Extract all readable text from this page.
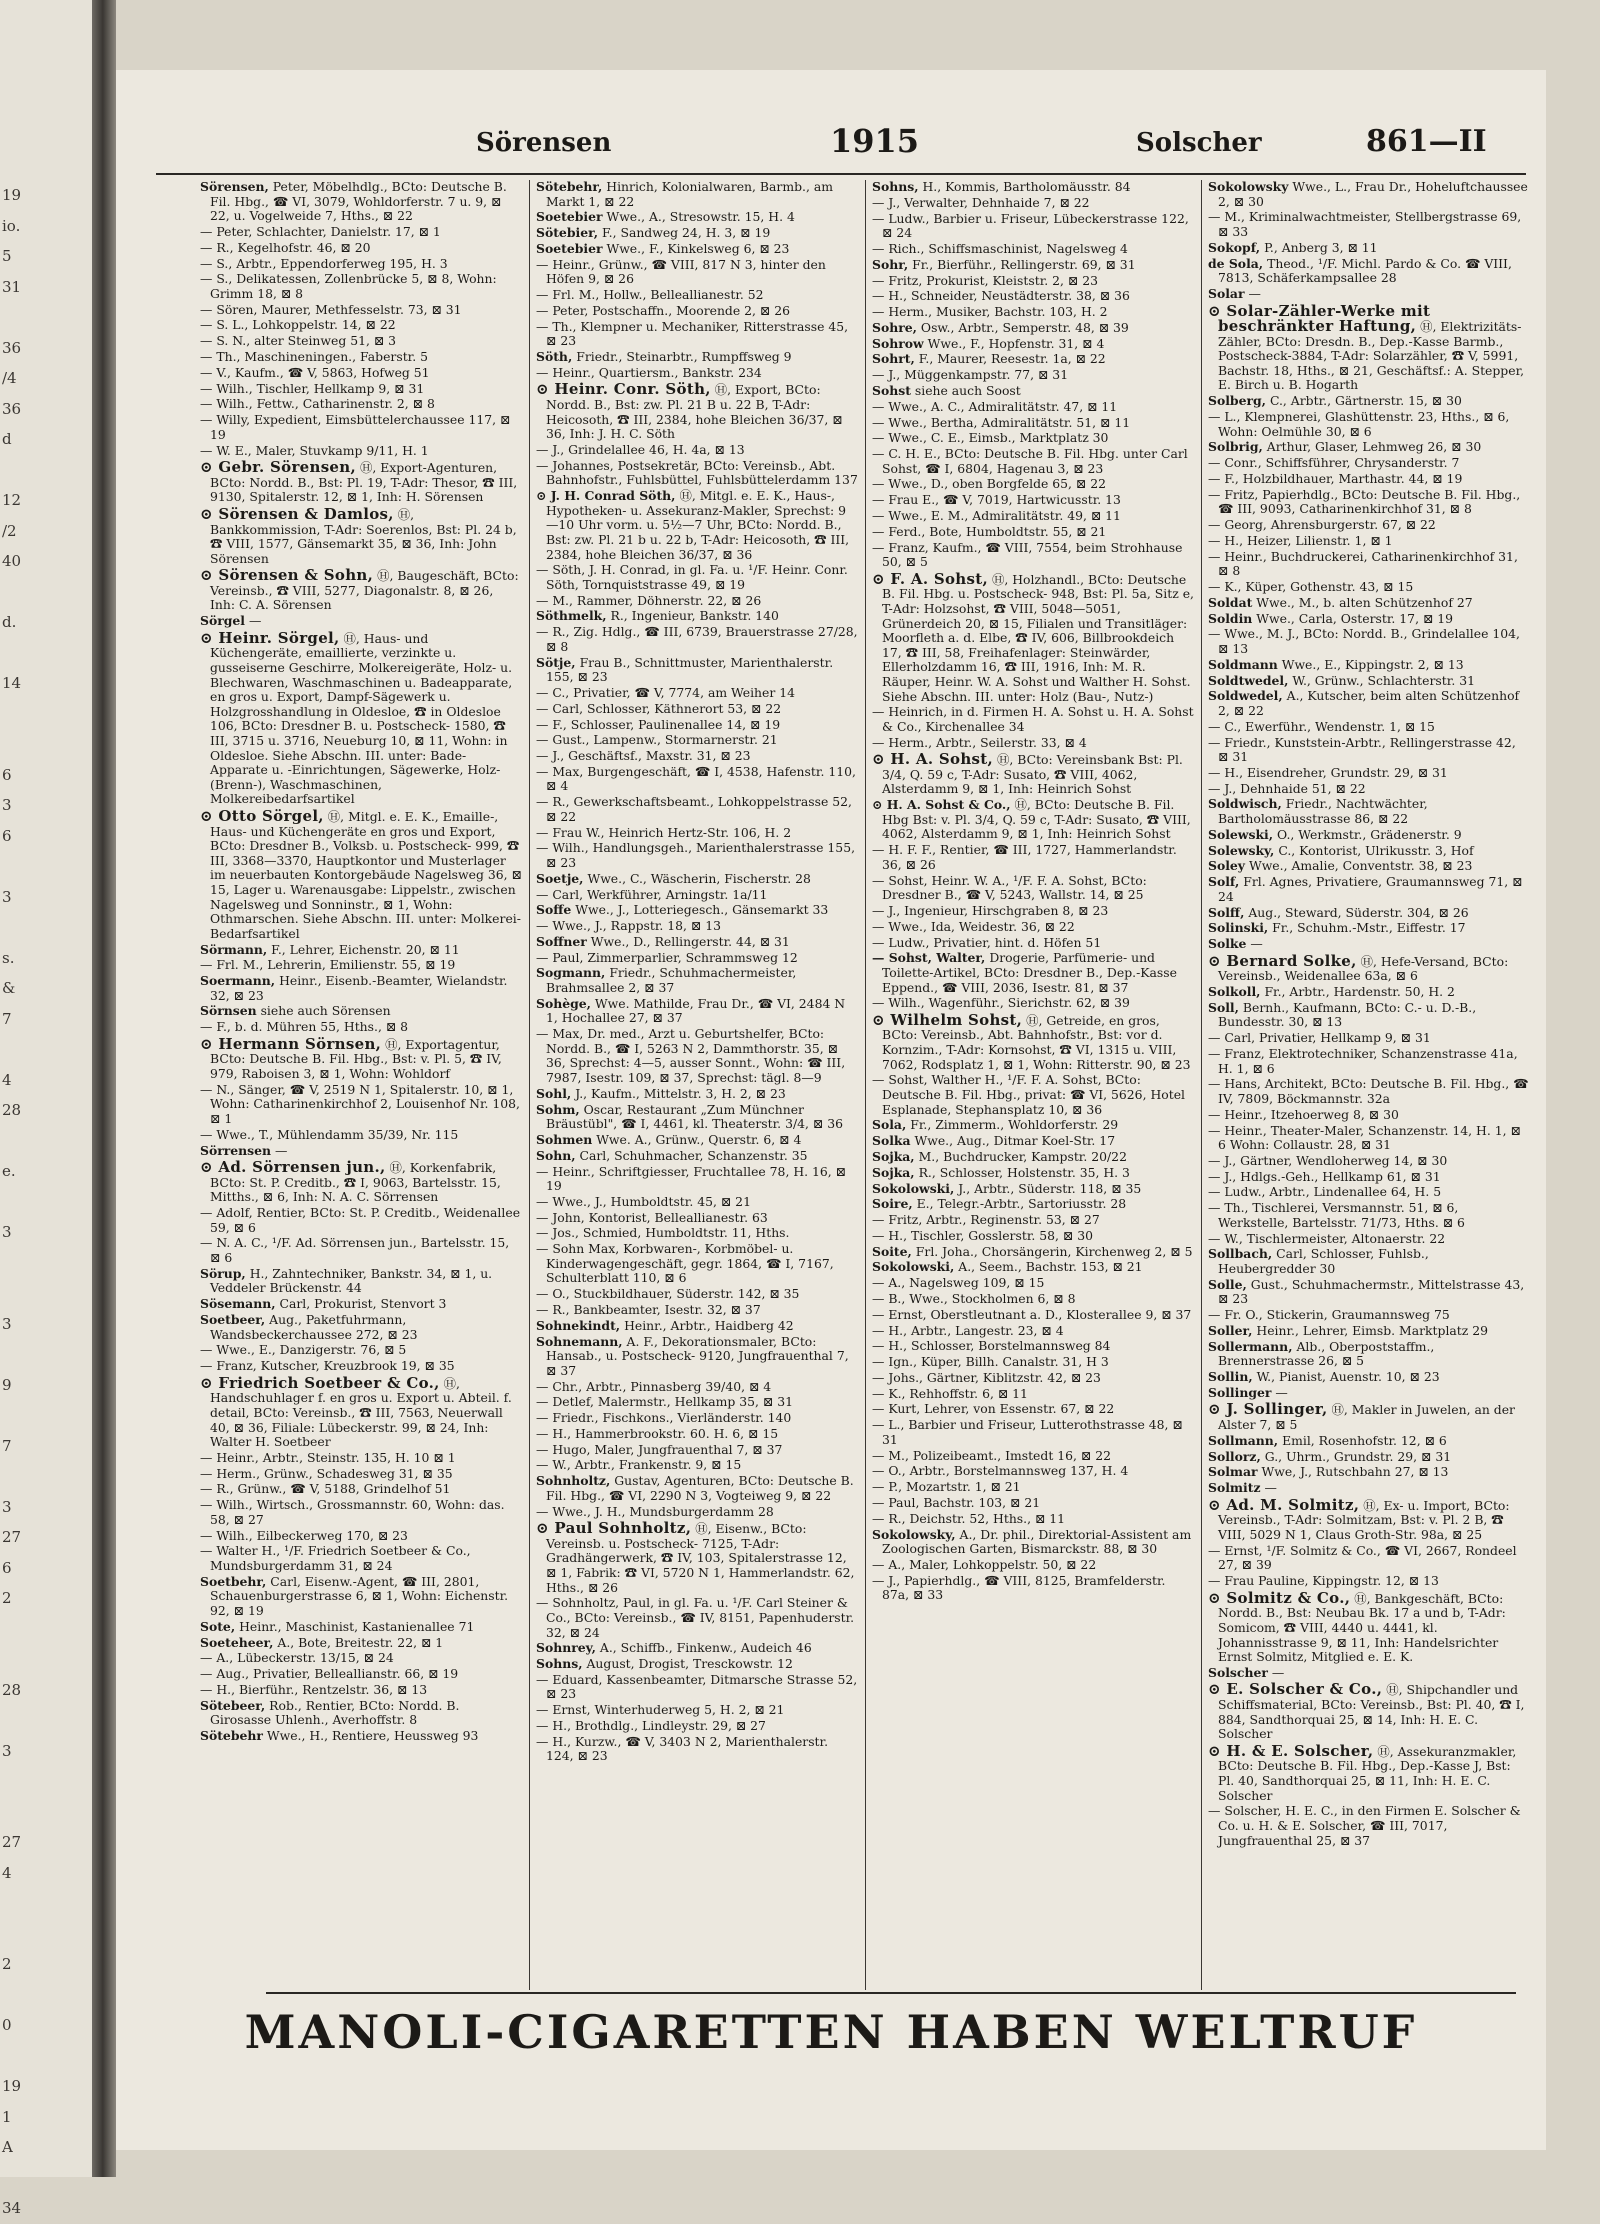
19
io.
5
31
36
/4
36
d
12
/2
40
d.
14
6
3
6
3
s.
&
7
4
28
e.
3
3
9
7
3
27
6
2
28
3
27
4
2
0
19
1
A
34
Sörensen	1915	Solscher	861—II
Sörensen, Peter, Möbelhdlg., BCto: Deutsche B. Fil. Hbg., ☎ VI, 3079, Wohldorferstr. 7 u. 9, ⊠ 22, u. Vogelweide 7, Hths., ⊠ 22
— Peter, Schlachter, Danielstr. 17, ⊠ 1
— R., Kegelhofstr. 46, ⊠ 20
— S., Arbtr., Eppendorferweg 195, H. 3
— S., Delikatessen, Zollenbrücke 5, ⊠ 8, Wohn: Grimm 18, ⊠ 8
— Sören, Maurer, Methfesselstr. 73, ⊠ 31
— S. L., Lohkoppelstr. 14, ⊠ 22
— S. N., alter Steinweg 51, ⊠ 3
— Th., Maschineningen., Faberstr. 5
— V., Kaufm., ☎ V, 5863, Hofweg 51
— Wilh., Tischler, Hellkamp 9, ⊠ 31
— Wilh., Fettw., Catharinenstr. 2, ⊠ 8
— Willy, Expedient, Eimsbüttelerchaussee 117, ⊠ 19
— W. E., Maler, Stuvkamp 9/11, H. 1
⊙ Gebr. Sörensen, Ⓗ, Export-Agenturen, BCto: Nordd. B., Bst: Pl. 19, T-Adr: Thesor, ☎ III, 9130, Spitalerstr. 12, ⊠ 1, Inh: H. Sörensen
⊙ Sörensen & Damlos, Ⓗ, Bankkommission, T-Adr: Soerenlos, Bst: Pl. 24 b, ☎ VIII, 1577, Gänsemarkt 35, ⊠ 36, Inh: John Sörensen
⊙ Sörensen & Sohn, Ⓗ, Baugeschäft, BCto: Vereinsb., ☎ VIII, 5277, Diagonalstr. 8, ⊠ 26, Inh: C. A. Sörensen
Sörgel —
⊙ Heinr. Sörgel, Ⓗ, Haus- und Küchengeräte, emaillierte, verzinkte u. gusseiserne Geschirre, Molkereigeräte, Holz- u. Blechwaren, Waschmaschinen u. Badeapparate, en gros u. Export, Dampf-Sägewerk u. Holzgrosshandlung in Oldesloe, ☎ in Oldesloe 106, BCto: Dresdner B. u. Postscheck- 1580, ☎ III, 3715 u. 3716, Neueburg 10, ⊠ 11, Wohn: in Oldesloe. Siehe Abschn. III. unter: Bade-Apparate u. -Einrichtungen, Sägewerke, Holz-(Brenn-), Waschmaschinen, Molkereibedarfsartikel
⊙ Otto Sörgel, Ⓗ, Mitgl. e. E. K., Emaille-, Haus- und Küchengeräte en gros und Export, BCto: Dresdner B., Volksb. u. Postscheck- 999, ☎ III, 3368—3370, Hauptkontor und Musterlager im neuerbauten Kontorgebäude Nagelsweg 36, ⊠ 15, Lager u. Warenausgabe: Lippelstr., zwischen Nagelsweg und Sonninstr., ⊠ 1, Wohn: Othmarschen. Siehe Abschn. III. unter: Molkerei-Bedarfsartikel
Sörmann, F., Lehrer, Eichenstr. 20, ⊠ 11
— Frl. M., Lehrerin, Emilienstr. 55, ⊠ 19
Soermann, Heinr., Eisenb.-Beamter, Wielandstr. 32, ⊠ 23
Sörnsen siehe auch Sörensen
— F., b. d. Mühren 55, Hths., ⊠ 8
⊙ Hermann Sörnsen, Ⓗ, Exportagentur, BCto: Deutsche B. Fil. Hbg., Bst: v. Pl. 5, ☎ IV, 979, Raboisen 3, ⊠ 1, Wohn: Wohldorf
— N., Sänger, ☎ V, 2519 N 1, Spitalerstr. 10, ⊠ 1, Wohn: Catharinenkirchhof 2, Louisenhof Nr. 108, ⊠ 1
— Wwe., T., Mühlendamm 35/39, Nr. 115
Sörrensen —
⊙ Ad. Sörrensen jun., Ⓗ, Korkenfabrik, BCto: St. P. Creditb., ☎ I, 9063, Bartelsstr. 15, Mitths., ⊠ 6, Inh: N. A. C. Sörrensen
— Adolf, Rentier, BCto: St. P. Creditb., Weidenallee 59, ⊠ 6
— N. A. C., ¹/F. Ad. Sörrensen jun., Bartelsstr. 15, ⊠ 6
Sörup, H., Zahntechniker, Bankstr. 34, ⊠ 1, u. Veddeler Brückenstr. 44
Sösemann, Carl, Prokurist, Stenvort 3
Soetbeer, Aug., Paketfuhrmann, Wandsbeckerchaussee 272, ⊠ 23
— Wwe., E., Danzigerstr. 76, ⊠ 5
— Franz, Kutscher, Kreuzbrook 19, ⊠ 35
⊙ Friedrich Soetbeer & Co., Ⓗ, Handschuhlager f. en gros u. Export u. Abteil. f. detail, BCto: Vereinsb., ☎ III, 7563, Neuerwall 40, ⊠ 36, Filiale: Lübeckerstr. 99, ⊠ 24, Inh: Walter H. Soetbeer
— Heinr., Arbtr., Steinstr. 135, H. 10 ⊠ 1
— Herm., Grünw., Schadesweg 31, ⊠ 35
— R., Grünw., ☎ V, 5188, Grindelhof 51
— Wilh., Wirtsch., Grossmannstr. 60, Wohn: das. 58, ⊠ 27
— Wilh., Eilbeckerweg 170, ⊠ 23
— Walter H., ¹/F. Friedrich Soetbeer & Co., Mundsburgerdamm 31, ⊠ 24
Soetbehr, Carl, Eisenw.-Agent, ☎ III, 2801, Schauenburgerstrasse 6, ⊠ 1, Wohn: Eichenstr. 92, ⊠ 19
Sote, Heinr., Maschinist, Kastanienallee 71
Soeteheer, A., Bote, Breitestr. 22, ⊠ 1
— A., Lübeckerstr. 13/15, ⊠ 24
— Aug., Privatier, Belleallianstr. 66, ⊠ 19
— H., Bierführ., Rentzelstr. 36, ⊠ 13
Sötebeer, Rob., Rentier, BCto: Nordd. B. Girosasse Uhlenh., Averhoffstr. 8
Sötebehr Wwe., H., Rentiere, Heussweg 93
Sötebehr, Hinrich, Kolonialwaren, Barmb., am Markt 1, ⊠ 22
Soetebier Wwe., A., Stresowstr. 15, H. 4
Sötebier, F., Sandweg 24, H. 3, ⊠ 19
Soetebier Wwe., F., Kinkelsweg 6, ⊠ 23
— Heinr., Grünw., ☎ VIII, 817 N 3, hinter den Höfen 9, ⊠ 26
— Frl. M., Hollw., Belleallianestr. 52
— Peter, Postschaffn., Moorende 2, ⊠ 26
— Th., Klempner u. Mechaniker, Ritterstrasse 45, ⊠ 23
Söth, Friedr., Steinarbtr., Rumpffsweg 9
— Heinr., Quartiersm., Bankstr. 234
⊙ Heinr. Conr. Söth, Ⓗ, Export, BCto: Nordd. B., Bst: zw. Pl. 21 B u. 22 B, T-Adr: Heicosoth, ☎ III, 2384, hohe Bleichen 36/37, ⊠ 36, Inh: J. H. C. Söth
— J., Grindelallee 46, H. 4a, ⊠ 13
— Johannes, Postsekretär, BCto: Vereinsb., Abt. Bahnhofstr., Fuhlsbüttel, Fuhlsbüttelerdamm 137
⊙ J. H. Conrad Söth, Ⓗ, Mitgl. e. E. K., Haus-, Hypotheken- u. Assekuranz-Makler, Sprechst: 9—10 Uhr vorm. u. 5½—7 Uhr, BCto: Nordd. B., Bst: zw. Pl. 21 b u. 22 b, T-Adr: Heicosoth, ☎ III, 2384, hohe Bleichen 36/37, ⊠ 36
— Söth, J. H. Conrad, in gl. Fa. u. ¹/F. Heinr. Conr. Söth, Tornquiststrasse 49, ⊠ 19
— M., Rammer, Döhnerstr. 22, ⊠ 26
Söthmelk, R., Ingenieur, Bankstr. 140
— R., Zig. Hdlg., ☎ III, 6739, Brauerstrasse 27/28, ⊠ 8
Sötje, Frau B., Schnittmuster, Marienthalerstr. 155, ⊠ 23
— C., Privatier, ☎ V, 7774, am Weiher 14
— Carl, Schlosser, Käthnerort 53, ⊠ 22
— F., Schlosser, Paulinenallee 14, ⊠ 19
— Gust., Lampenw., Stormarnerstr. 21
— J., Geschäftsf., Maxstr. 31, ⊠ 23
— Max, Burgengeschäft, ☎ I, 4538, Hafenstr. 110, ⊠ 4
— R., Gewerkschaftsbeamt., Lohkoppelstrasse 52, ⊠ 22
— Frau W., Heinrich Hertz-Str. 106, H. 2
— Wilh., Handlungsgeh., Marienthalerstrasse 155, ⊠ 23
Soetje, Wwe., C., Wäscherin, Fischerstr. 28
— Carl, Werkführer, Arningstr. 1a/11
Soffe Wwe., J., Lotteriegesch., Gänsemarkt 33
— Wwe., J., Rappstr. 18, ⊠ 13
Soffner Wwe., D., Rellingerstr. 44, ⊠ 31
— Paul, Zimmerparlier, Schrammsweg 12
Sogmann, Friedr., Schuhmachermeister, Brahmsallee 2, ⊠ 37
Sohège, Wwe. Mathilde, Frau Dr., ☎ VI, 2484 N 1, Hochallee 27, ⊠ 37
— Max, Dr. med., Arzt u. Geburtshelfer, BCto: Nordd. B., ☎ I, 5263 N 2, Dammthorstr. 35, ⊠ 36, Sprechst: 4—5, ausser Sonnt., Wohn: ☎ III, 7987, Isestr. 109, ⊠ 37, Sprechst: tägl. 8—9
Sohl, J., Kaufm., Mittelstr. 3, H. 2, ⊠ 23
Sohm, Oscar, Restaurant „Zum Münchner Bräustübl", ☎ I, 4461, kl. Theaterstr. 3/4, ⊠ 36
Sohmen Wwe. A., Grünw., Querstr. 6, ⊠ 4
Sohn, Carl, Schuhmacher, Schanzenstr. 35
— Heinr., Schriftgiesser, Fruchtallee 78, H. 16, ⊠ 19
— Wwe., J., Humboldtstr. 45, ⊠ 21
— John, Kontorist, Belleallianestr. 63
— Jos., Schmied, Humboldtstr. 11, Hths.
— Sohn Max, Korbwaren-, Korbmöbel- u. Kinderwagengeschäft, gegr. 1864, ☎ I, 7167, Schulterblatt 110, ⊠ 6
— O., Stuckbildhauer, Süderstr. 142, ⊠ 35
— R., Bankbeamter, Isestr. 32, ⊠ 37
Sohnekindt, Heinr., Arbtr., Haidberg 42
Sohnemann, A. F., Dekorationsmaler, BCto: Hansab., u. Postscheck- 9120, Jungfrauenthal 7, ⊠ 37
— Chr., Arbtr., Pinnasberg 39/40, ⊠ 4
— Detlef, Malermstr., Hellkamp 35, ⊠ 31
— Friedr., Fischkons., Vierländerstr. 140
— H., Hammerbrookstr. 60. H. 6, ⊠ 15
— Hugo, Maler, Jungfrauenthal 7, ⊠ 37
— W., Arbtr., Frankenstr. 9, ⊠ 15
Sohnholtz, Gustav, Agenturen, BCto: Deutsche B. Fil. Hbg., ☎ VI, 2290 N 3, Vogteiweg 9, ⊠ 22
— Wwe., J. H., Mundsburgerdamm 28
⊙ Paul Sohnholtz, Ⓗ, Eisenw., BCto: Vereinsb. u. Postscheck- 7125, T-Adr: Gradhängerwerk, ☎ IV, 103, Spitalerstrasse 12, ⊠ 1, Fabrik: ☎ VI, 5720 N 1, Hammerlandstr. 62, Hths., ⊠ 26
— Sohnholtz, Paul, in gl. Fa. u. ¹/F. Carl Steiner & Co., BCto: Vereinsb., ☎ IV, 8151, Papenhuderstr. 32, ⊠ 24
Sohnrey, A., Schiffb., Finkenw., Audeich 46
Sohns, August, Drogist, Tresckowstr. 12
— Eduard, Kassenbeamter, Ditmarsche Strasse 52, ⊠ 23
— Ernst, Winterhuderweg 5, H. 2, ⊠ 21
— H., Brothdlg., Lindleystr. 29, ⊠ 27
— H., Kurzw., ☎ V, 3403 N 2, Marienthalerstr. 124, ⊠ 23
Sohns, H., Kommis, Bartholomäusstr. 84
— J., Verwalter, Dehnhaide 7, ⊠ 22
— Ludw., Barbier u. Friseur, Lübeckerstrasse 122, ⊠ 24
— Rich., Schiffsmaschinist, Nagelsweg 4
Sohr, Fr., Bierführ., Rellingerstr. 69, ⊠ 31
— Fritz, Prokurist, Kleiststr. 2, ⊠ 23
— H., Schneider, Neustädterstr. 38, ⊠ 36
— Herm., Musiker, Bachstr. 103, H. 2
Sohre, Osw., Arbtr., Semperstr. 48, ⊠ 39
Sohrow Wwe., F., Hopfenstr. 31, ⊠ 4
Sohrt, F., Maurer, Reesestr. 1a, ⊠ 22
— J., Müggenkampstr. 77, ⊠ 31
Sohst siehe auch Soost
— Wwe., A. C., Admiralitätstr. 47, ⊠ 11
— Wwe., Bertha, Admiralitätstr. 51, ⊠ 11
— Wwe., C. E., Eimsb., Marktplatz 30
— C. H. E., BCto: Deutsche B. Fil. Hbg. unter Carl Sohst, ☎ I, 6804, Hagenau 3, ⊠ 23
— Wwe., D., oben Borgfelde 65, ⊠ 22
— Frau E., ☎ V, 7019, Hartwicusstr. 13
— Wwe., E. M., Admiralitätstr. 49, ⊠ 11
— Ferd., Bote, Humboldtstr. 55, ⊠ 21
— Franz, Kaufm., ☎ VIII, 7554, beim Strohhause 50, ⊠ 5
⊙ F. A. Sohst, Ⓗ, Holzhandl., BCto: Deutsche B. Fil. Hbg. u. Postscheck- 948, Bst: Pl. 5a, Sitz e, T-Adr: Holzsohst, ☎ VIII, 5048—5051, Grünerdeich 20, ⊠ 15, Filialen und Transitläger: Moorfleth a. d. Elbe, ☎ IV, 606, Billbrookdeich 17, ☎ III, 58, Freihafenlager: Steinwärder, Ellerholzdamm 16, ☎ III, 1916, Inh: M. R. Räuper, Heinr. W. A. Sohst und Walther H. Sohst. Siehe Abschn. III. unter: Holz (Bau-, Nutz-)
— Heinrich, in d. Firmen H. A. Sohst u. H. A. Sohst & Co., Kirchenallee 34
— Herm., Arbtr., Seilerstr. 33, ⊠ 4
⊙ H. A. Sohst, Ⓗ, BCto: Vereinsbank Bst: Pl. 3/4, Q. 59 c, T-Adr: Susato, ☎ VIII, 4062, Alsterdamm 9, ⊠ 1, Inh: Heinrich Sohst
⊙ H. A. Sohst & Co., Ⓗ, BCto: Deutsche B. Fil. Hbg Bst: v. Pl. 3/4, Q. 59 c, T-Adr: Susato, ☎ VIII, 4062, Alsterdamm 9, ⊠ 1, Inh: Heinrich Sohst
— H. F. F., Rentier, ☎ III, 1727, Hammerlandstr. 36, ⊠ 26
— Sohst, Heinr. W. A., ¹/F. F. A. Sohst, BCto: Dresdner B., ☎ V, 5243, Wallstr. 14, ⊠ 25
— J., Ingenieur, Hirschgraben 8, ⊠ 23
— Wwe., Ida, Weidestr. 36, ⊠ 22
— Ludw., Privatier, hint. d. Höfen 51
— Sohst, Walter, Drogerie, Parfümerie- und Toilette-Artikel, BCto: Dresdner B., Dep.-Kasse Eppend., ☎ VIII, 2036, Isestr. 81, ⊠ 37
— Wilh., Wagenführ., Sierichstr. 62, ⊠ 39
⊙ Wilhelm Sohst, Ⓗ, Getreide, en gros, BCto: Vereinsb., Abt. Bahnhofstr., Bst: vor d. Kornzim., T-Adr: Kornsohst, ☎ VI, 1315 u. VIII, 7062, Rodsplatz 1, ⊠ 1, Wohn: Ritterstr. 90, ⊠ 23
— Sohst, Walther H., ¹/F. F. A. Sohst, BCto: Deutsche B. Fil. Hbg., privat: ☎ VI, 5626, Hotel Esplanade, Stephansplatz 10, ⊠ 36
Sola, Fr., Zimmerm., Wohldorferstr. 29
Solka Wwe., Aug., Ditmar Koel-Str. 17
Sojka, M., Buchdrucker, Kampstr. 20/22
Sojka, R., Schlosser, Holstenstr. 35, H. 3
Sokolowski, J., Arbtr., Süderstr. 118, ⊠ 35
Soire, E., Telegr.-Arbtr., Sartoriusstr. 28
— Fritz, Arbtr., Reginenstr. 53, ⊠ 27
— H., Tischler, Gosslerstr. 58, ⊠ 30
Soite, Frl. Joha., Chorsängerin, Kirchenweg 2, ⊠ 5
Sokolowski, A., Seem., Bachstr. 153, ⊠ 21
— A., Nagelsweg 109, ⊠ 15
— B., Wwe., Stockholmen 6, ⊠ 8
— Ernst, Oberstleutnant a. D., Klosterallee 9, ⊠ 37
— H., Arbtr., Langestr. 23, ⊠ 4
— H., Schlosser, Borstelmannsweg 84
— Ign., Küper, Billh. Canalstr. 31, H 3
— Johs., Gärtner, Kiblitzstr. 42, ⊠ 23
— K., Rehhoffstr. 6, ⊠ 11
— Kurt, Lehrer, von Essenstr. 67, ⊠ 22
— L., Barbier und Friseur, Lutterothstrasse 48, ⊠ 31
— M., Polizeibeamt., Imstedt 16, ⊠ 22
— O., Arbtr., Borstelmannsweg 137, H. 4
— P., Mozartstr. 1, ⊠ 21
— Paul, Bachstr. 103, ⊠ 21
— R., Deichstr. 52, Hths., ⊠ 11
Sokolowsky, A., Dr. phil., Direktorial-Assistent am Zoologischen Garten, Bismarckstr. 88, ⊠ 30
— A., Maler, Lohkoppelstr. 50, ⊠ 22
— J., Papierhdlg., ☎ VIII, 8125, Bramfelderstr. 87a, ⊠ 33
Sokolowsky Wwe., L., Frau Dr., Hoheluftchaussee 2, ⊠ 30
— M., Kriminalwachtmeister, Stellbergstrasse 69, ⊠ 33
Sokopf, P., Anberg 3, ⊠ 11
de Sola, Theod., ¹/F. Michl. Pardo & Co. ☎ VIII, 7813, Schäferkampsallee 28
Solar —
⊙ Solar-Zähler-Werke mit beschränkter Haftung, Ⓗ, Elektrizitäts-Zähler, BCto: Dresdn. B., Dep.-Kasse Barmb., Postscheck-3884, T-Adr: Solarzähler, ☎ V, 5991, Bachstr. 18, Hths., ⊠ 21, Geschäftsf.: A. Stepper, E. Birch u. B. Hogarth
Solberg, C., Arbtr., Gärtnerstr. 15, ⊠ 30
— L., Klempnerei, Glashüttenstr. 23, Hths., ⊠ 6, Wohn: Oelmühle 30, ⊠ 6
Solbrig, Arthur, Glaser, Lehmweg 26, ⊠ 30
— Conr., Schiffsführer, Chrysanderstr. 7
— F., Holzbildhauer, Marthastr. 44, ⊠ 19
— Fritz, Papierhdlg., BCto: Deutsche B. Fil. Hbg., ☎ III, 9093, Catharinenkirchhof 31, ⊠ 8
— Georg, Ahrensburgerstr. 67, ⊠ 22
— H., Heizer, Lilienstr. 1, ⊠ 1
— Heinr., Buchdruckerei, Catharinenkirchhof 31, ⊠ 8
— K., Küper, Gothenstr. 43, ⊠ 15
Soldat Wwe., M., b. alten Schützenhof 27
Soldin Wwe., Carla, Osterstr. 17, ⊠ 19
— Wwe., M. J., BCto: Nordd. B., Grindelallee 104, ⊠ 13
Soldmann Wwe., E., Kippingstr. 2, ⊠ 13
Soldtwedel, W., Grünw., Schlachterstr. 31
Soldwedel, A., Kutscher, beim alten Schützenhof 2, ⊠ 22
— C., Ewerführ., Wendenstr. 1, ⊠ 15
— Friedr., Kunststein-Arbtr., Rellingerstrasse 42, ⊠ 31
— H., Eisendreher, Grundstr. 29, ⊠ 31
— J., Dehnhaide 51, ⊠ 22
Soldwisch, Friedr., Nachtwächter, Bartholomäusstrasse 86, ⊠ 22
Solewski, O., Werkmstr., Grädenerstr. 9
Solewsky, C., Kontorist, Ulrikusstr. 3, Hof
Soley Wwe., Amalie, Conventstr. 38, ⊠ 23
Solf, Frl. Agnes, Privatiere, Graumannsweg 71, ⊠ 24
Solff, Aug., Steward, Süderstr. 304, ⊠ 26
Solinski, Fr., Schuhm.-Mstr., Eiffestr. 17
Solke —
⊙ Bernard Solke, Ⓗ, Hefe-Versand, BCto: Vereinsb., Weidenallee 63a, ⊠ 6
Solkoll, Fr., Arbtr., Hardenstr. 50, H. 2
Soll, Bernh., Kaufmann, BCto: C.- u. D.-B., Bundesstr. 30, ⊠ 13
— Carl, Privatier, Hellkamp 9, ⊠ 31
— Franz, Elektrotechniker, Schanzenstrasse 41a, H. 1, ⊠ 6
— Hans, Architekt, BCto: Deutsche B. Fil. Hbg., ☎ IV, 7809, Böckmannstr. 32a
— Heinr., Itzehoerweg 8, ⊠ 30
— Heinr., Theater-Maler, Schanzenstr. 14, H. 1, ⊠ 6 Wohn: Collaustr. 28, ⊠ 31
— J., Gärtner, Wendloherweg 14, ⊠ 30
— J., Hdlgs.-Geh., Hellkamp 61, ⊠ 31
— Ludw., Arbtr., Lindenallee 64, H. 5
— Th., Tischlerei, Versmannstr. 51, ⊠ 6, Werkstelle, Bartelsstr. 71/73, Hths. ⊠ 6
— W., Tischlermeister, Altonaerstr. 22
Sollbach, Carl, Schlosser, Fuhlsb., Heubergredder 30
Solle, Gust., Schuhmachermstr., Mittelstrasse 43, ⊠ 23
— Fr. O., Stickerin, Graumannsweg 75
Soller, Heinr., Lehrer, Eimsb. Marktplatz 29
Sollermann, Alb., Oberpoststaffm., Brennerstrasse 26, ⊠ 5
Sollin, W., Pianist, Auenstr. 10, ⊠ 23
Sollinger —
⊙ J. Sollinger, Ⓗ, Makler in Juwelen, an der Alster 7, ⊠ 5
Sollmann, Emil, Rosenhofstr. 12, ⊠ 6
Sollorz, G., Uhrm., Grundstr. 29, ⊠ 31
Solmar Wwe, J., Rutschbahn 27, ⊠ 13
Solmitz —
⊙ Ad. M. Solmitz, Ⓗ, Ex- u. Import, BCto: Vereinsb., T-Adr: Solmitzam, Bst: v. Pl. 2 B, ☎ VIII, 5029 N 1, Claus Groth-Str. 98a, ⊠ 25
— Ernst, ¹/F. Solmitz & Co., ☎ VI, 2667, Rondeel 27, ⊠ 39
— Frau Pauline, Kippingstr. 12, ⊠ 13
⊙ Solmitz & Co., Ⓗ, Bankgeschäft, BCto: Nordd. B., Bst: Neubau Bk. 17 a und b, T-Adr: Somicom, ☎ VIII, 4440 u. 4441, kl. Johannisstrasse 9, ⊠ 11, Inh: Handelsrichter Ernst Solmitz, Mitglied e. E. K.
Solscher —
⊙ E. Solscher & Co., Ⓗ, Shipchandler und Schiffsmaterial, BCto: Vereinsb., Bst: Pl. 40, ☎ I, 884, Sandthorquai 25, ⊠ 14, Inh: H. E. C. Solscher
⊙ H. & E. Solscher, Ⓗ, Assekuranzmakler, BCto: Deutsche B. Fil. Hbg., Dep.-Kasse J, Bst: Pl. 40, Sandthorquai 25, ⊠ 11, Inh: H. E. C. Solscher
— Solscher, H. E. C., in den Firmen E. Solscher & Co. u. H. & E. Solscher, ☎ III, 7017, Jungfrauenthal 25, ⊠ 37
MANOLI-CIGARETTEN HABEN WELTRUF
